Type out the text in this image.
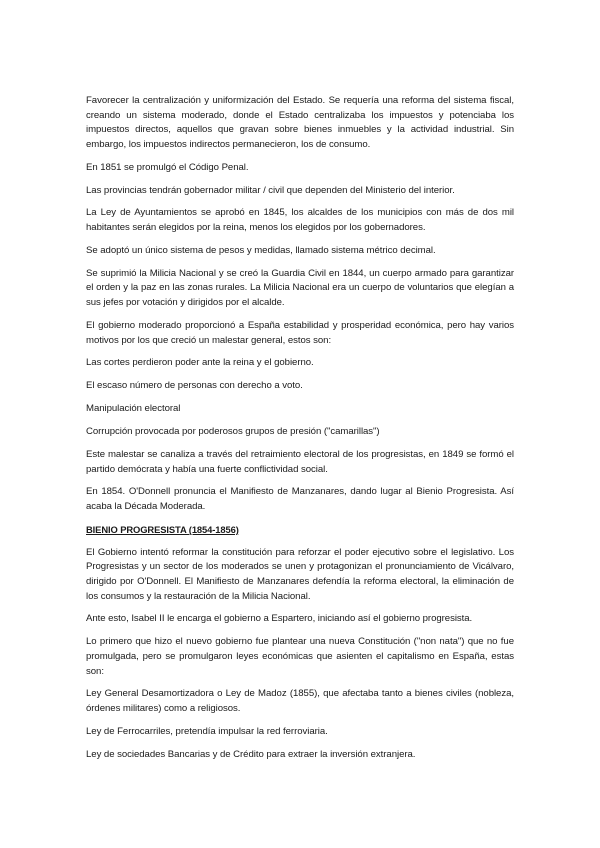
Favorecer la centralización y uniformización del Estado. Se requería una reforma del sistema fiscal, creando un sistema moderado, donde el Estado centralizaba los impuestos y potenciaba los impuestos directos, aquellos que gravan sobre bienes inmuebles y la actividad industrial. Sin embargo, los impuestos indirectos permanecieron, los de consumo.

En 1851 se promulgó el Código Penal.

Las provincias tendrán gobernador militar / civil que dependen del Ministerio del interior.

La Ley de Ayuntamientos se aprobó en 1845, los alcaldes de los municipios con más de dos mil habitantes serán elegidos por la reina, menos los elegidos por los gobernadores.

Se adoptó un único sistema de pesos y medidas, llamado sistema métrico decimal.

Se suprimió la Milicia Nacional y se creó la Guardia Civil en 1844, un cuerpo armado para garantizar el orden y la paz en las zonas rurales. La Milicia Nacional era un cuerpo de voluntarios que elegían a sus jefes por votación y dirigidos por el alcalde.

El gobierno moderado proporcionó a España estabilidad y prosperidad económica, pero hay varios motivos por los que creció un malestar general, estos son:

Las cortes perdieron poder ante la reina y el gobierno.

El escaso número de personas con derecho a voto.

Manipulación electoral

Corrupción provocada por poderosos grupos de presión ("camarillas")

Este malestar se canaliza a través del retraimiento electoral de los progresistas, en 1849 se formó el partido demócrata y había una fuerte conflictividad social.

En 1854. O'Donnell pronuncia el Manifiesto de Manzanares, dando lugar al Bienio Progresista. Así acaba la Década Moderada.

BIENIO PROGRESISTA (1854-1856)

El Gobierno intentó reformar la constitución para reforzar el poder ejecutivo sobre el legislativo. Los Progresistas y un sector de los moderados se unen y protagonizan el pronunciamiento de Vicálvaro, dirigido por O'Donnell. El Manifiesto de Manzanares defendía la reforma electoral, la eliminación de los consumos y la restauración de la Milicia Nacional.

Ante esto, Isabel II le encarga el gobierno a Espartero, iniciando así el gobierno progresista.

Lo primero que hizo el nuevo gobierno fue plantear una nueva Constitución ("non nata") que no fue promulgada, pero se promulgaron leyes económicas que asienten el capitalismo en España, estas son:

Ley General Desamortizadora o Ley de Madoz (1855), que afectaba tanto a bienes civiles (nobleza, órdenes militares) como a religiosos.

Ley de Ferrocarriles, pretendía impulsar la red ferroviaria.

Ley de sociedades Bancarias y de Crédito para extraer la inversión extranjera.
